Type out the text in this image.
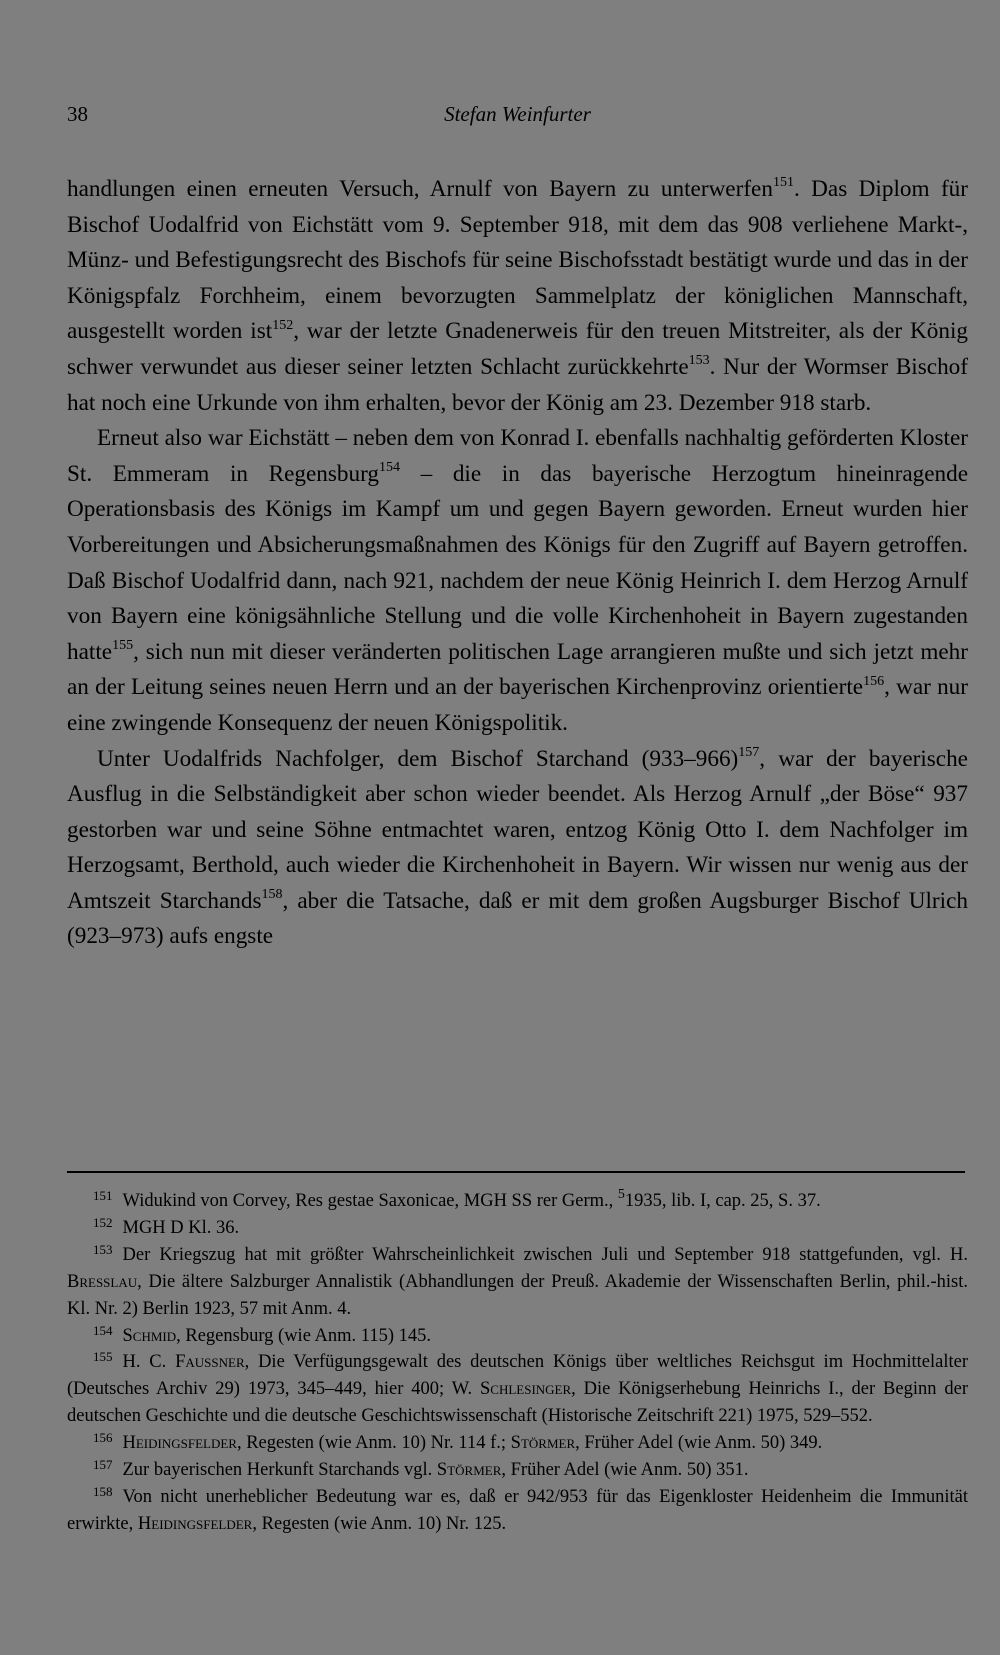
38	Stefan Weinfurter

handlungen einen erneuten Versuch, Arnulf von Bayern zu unterwerfen$^{151}$. Das Diplom für Bischof Uodalfrid von Eichstätt vom 9. September 918, mit dem das 908 verliehene Markt-, Münz- und Befestigungsrecht des Bischofs für seine Bischofsstadt bestätigt wurde und das in der Königspfalz Forchheim, einem bevorzugten Sammelplatz der königlichen Mannschaft, ausgestellt worden ist$^{152}$, war der letzte Gnadenerweis für den treuen Mitstreiter, als der König schwer verwundet aus dieser seiner letzten Schlacht zurückkehrte$^{153}$. Nur der Wormser Bischof hat noch eine Urkunde von ihm erhalten, bevor der König am 23. Dezember 918 starb.

Erneut also war Eichstätt – neben dem von Konrad I. ebenfalls nachhaltig geförderten Kloster St. Emmeram in Regensburg$^{154}$ – die in das bayerische Herzogtum hineinragende Operationsbasis des Königs im Kampf um und gegen Bayern geworden. Erneut wurden hier Vorbereitungen und Absicherungsmaßnahmen des Königs für den Zugriff auf Bayern getroffen. Daß Bischof Uodalfrid dann, nach 921, nachdem der neue König Heinrich I. dem Herzog Arnulf von Bayern eine königsähnliche Stellung und die volle Kirchenhoheit in Bayern zugestanden hatte$^{155}$, sich nun mit dieser veränderten politischen Lage arrangieren mußte und sich jetzt mehr an der Leitung seines neuen Herrn und an der bayerischen Kirchenprovinz orientierte$^{156}$, war nur eine zwingende Konsequenz der neuen Königspolitik.

Unter Uodalfrids Nachfolger, dem Bischof Starchand $(933-966)^{157}$, war der bayerische Ausflug in die Selbständigkeit aber schon wieder beendet. Als Herzog Arnulf „der Böse“ 937 gestorben war und seine Söhne entmachtet waren, entzog König Otto I. dem Nachfolger im Herzogsamt, Berthold, auch wieder die Kirchenhoheit in Bayern. Wir wissen nur wenig aus der Amtszeit Starchands$^{158}$, aber die Tatsache, daß er mit dem großen Augsburger Bischof Ulrich (923–973) aufs engste

$^{151}$ Widukind von Corvey, Res gestae Saxonicae, MGH SS rer Germ., $^5$1935, lib. I, cap. 25, S. 37.

$^{152}$ MGH D Kl. 36.

$^{153}$ Der Kriegszug hat mit größter Wahrscheinlichkeit zwischen Juli und September 918 stattgefunden, vgl. H. Bresslau, Die ältere Salzburger Annalistik (Abhandlungen der Preuß. Akademie der Wissenschaften Berlin, phil.-hist. Kl. Nr. 2) Berlin 1923, 57 mit Anm. 4.

$^{154}$ Schmid, Regensburg (wie Anm. 115) 145.

$^{155}$ H. C. Faussner, Die Verfügungsgewalt des deutschen Königs über weltliches Reichsgut im Hochmittelalter (Deutsches Archiv 29) 1973, 345–449, hier 400; W. Schlesinger, Die Königserhebung Heinrichs I., der Beginn der deutschen Geschichte und die deutsche Geschichtswissenschaft (Historische Zeitschrift 221) 1975, 529–552.

$^{156}$ Heidingsfelder, Regesten (wie Anm. 10) Nr. 114 f.; Störmer, Früher Adel (wie Anm. 50) 349.

$^{157}$ Zur bayerischen Herkunft Starchands vgl. Störmer, Früher Adel (wie Anm. 50) 351.

$^{158}$ Von nicht unerheblicher Bedeutung war es, daß er 942/953 für das Eigenkloster Heidenheim die Immunität erwirkte, Heidingsfelder, Regesten (wie Anm. 10) Nr. 125.
